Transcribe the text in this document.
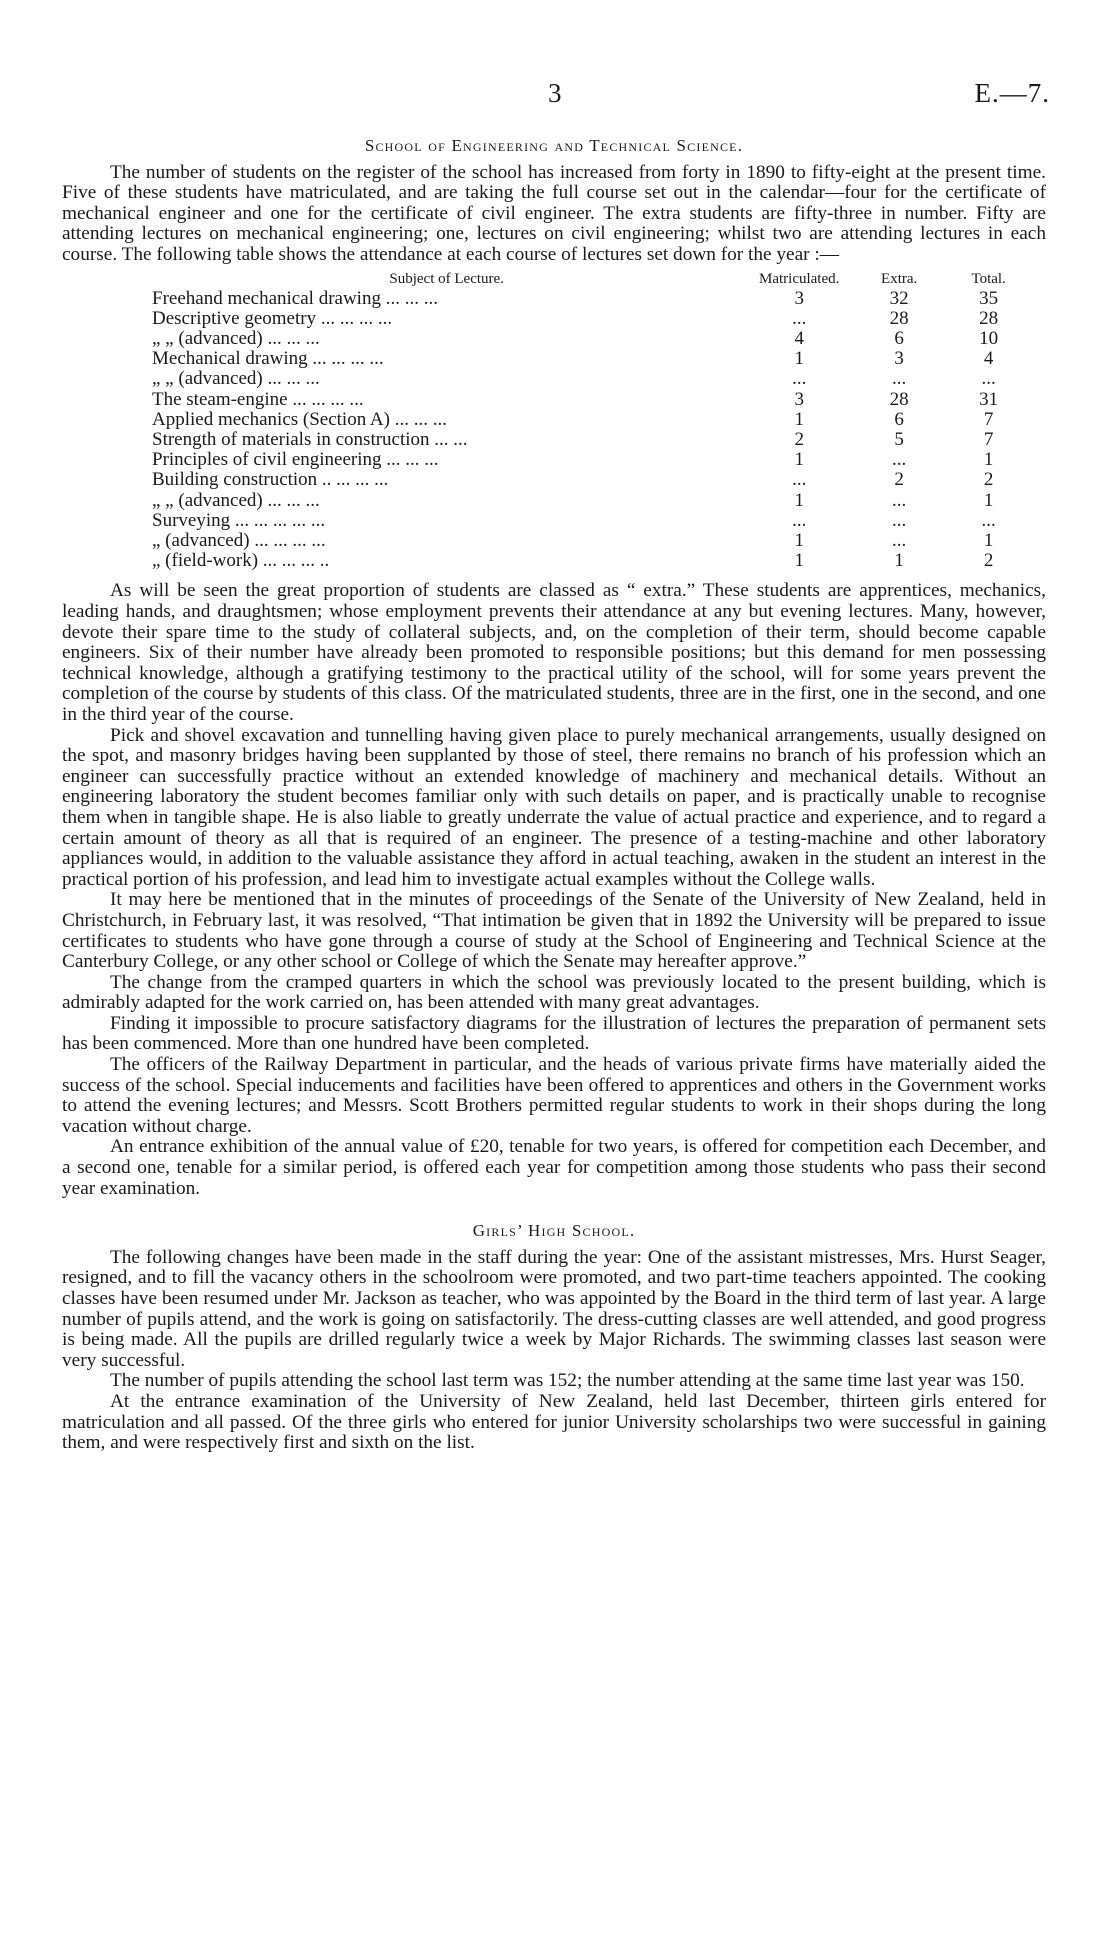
3	E.—7.
School of Engineering and Technical Science.

The number of students on the register of the school has increased from forty in 1890 to fifty-eight at the present time. Five of these students have matriculated, and are taking the full course set out in the calendar—four for the certificate of mechanical engineer and one for the certificate of civil engineer. The extra students are fifty-three in number. Fifty are attending lectures on mechanical engineering; one, lectures on civil engineering; whilst two are attending lectures in each course. The following table shows the attendance at each course of lectures set down for the year :—

Subject of Lecture.	Matriculated.	Extra.	Total.
Freehand mechanical drawing ... ... ...	3	32	35
Descriptive geometry ... ... ... ...	...	28	28
„ „ (advanced) ... ... ...	4	6	10
Mechanical drawing ... ... ... ...	1	3	4
„ „ (advanced) ... ... ...	...	...	...
The steam-engine ... ... ... ...	3	28	31
Applied mechanics (Section A) ... ... ...	1	6	7
Strength of materials in construction ... ...	2	5	7
Principles of civil engineering ... ... ...	1	...	1
Building construction .. ... ... ...	...	2	2
„ „ (advanced) ... ... ...	1	...	1
Surveying ... ... ... ... ...	...	...	...
„ (advanced) ... ... ... ...	1	...	1
„ (field-work) ... ... ... ..	1	1	2

As will be seen the great proportion of students are classed as “ extra.” These students are apprentices, mechanics, leading hands, and draughtsmen; whose employment prevents their attendance at any but evening lectures. Many, however, devote their spare time to the study of collateral subjects, and, on the completion of their term, should become capable engineers. Six of their number have already been promoted to responsible positions; but this demand for men possessing technical knowledge, although a gratifying testimony to the practical utility of the school, will for some years prevent the completion of the course by students of this class. Of the matriculated students, three are in the first, one in the second, and one in the third year of the course.

Pick and shovel excavation and tunnelling having given place to purely mechanical arrangements, usually designed on the spot, and masonry bridges having been supplanted by those of steel, there remains no branch of his profession which an engineer can successfully practice without an extended knowledge of machinery and mechanical details. Without an engineering laboratory the student becomes familiar only with such details on paper, and is practically unable to recognise them when in tangible shape. He is also liable to greatly underrate the value of actual practice and experience, and to regard a certain amount of theory as all that is required of an engineer. The presence of a testing-machine and other laboratory appliances would, in addition to the valuable assistance they afford in actual teaching, awaken in the student an interest in the practical portion of his profession, and lead him to investigate actual examples without the College walls.

It may here be mentioned that in the minutes of proceedings of the Senate of the University of New Zealand, held in Christchurch, in February last, it was resolved, “That intimation be given that in 1892 the University will be prepared to issue certificates to students who have gone through a course of study at the School of Engineering and Technical Science at the Canterbury College, or any other school or College of which the Senate may hereafter approve.”

The change from the cramped quarters in which the school was previously located to the present building, which is admirably adapted for the work carried on, has been attended with many great advantages.

Finding it impossible to procure satisfactory diagrams for the illustration of lectures the preparation of permanent sets has been commenced. More than one hundred have been completed.

The officers of the Railway Department in particular, and the heads of various private firms have materially aided the success of the school. Special inducements and facilities have been offered to apprentices and others in the Government works to attend the evening lectures; and Messrs. Scott Brothers permitted regular students to work in their shops during the long vacation without charge.

An entrance exhibition of the annual value of £20, tenable for two years, is offered for competition each December, and a second one, tenable for a similar period, is offered each year for competition among those students who pass their second year examination.

Girls’ High School.

The following changes have been made in the staff during the year: One of the assistant mistresses, Mrs. Hurst Seager, resigned, and to fill the vacancy others in the schoolroom were promoted, and two part-time teachers appointed. The cooking classes have been resumed under Mr. Jackson as teacher, who was appointed by the Board in the third term of last year. A large number of pupils attend, and the work is going on satisfactorily. The dress-cutting classes are well attended, and good progress is being made. All the pupils are drilled regularly twice a week by Major Richards. The swimming classes last season were very successful.

The number of pupils attending the school last term was 152; the number attending at the same time last year was 150.

At the entrance examination of the University of New Zealand, held last December, thirteen girls entered for matriculation and all passed. Of the three girls who entered for junior University scholarships two were successful in gaining them, and were respectively first and sixth on the list.
